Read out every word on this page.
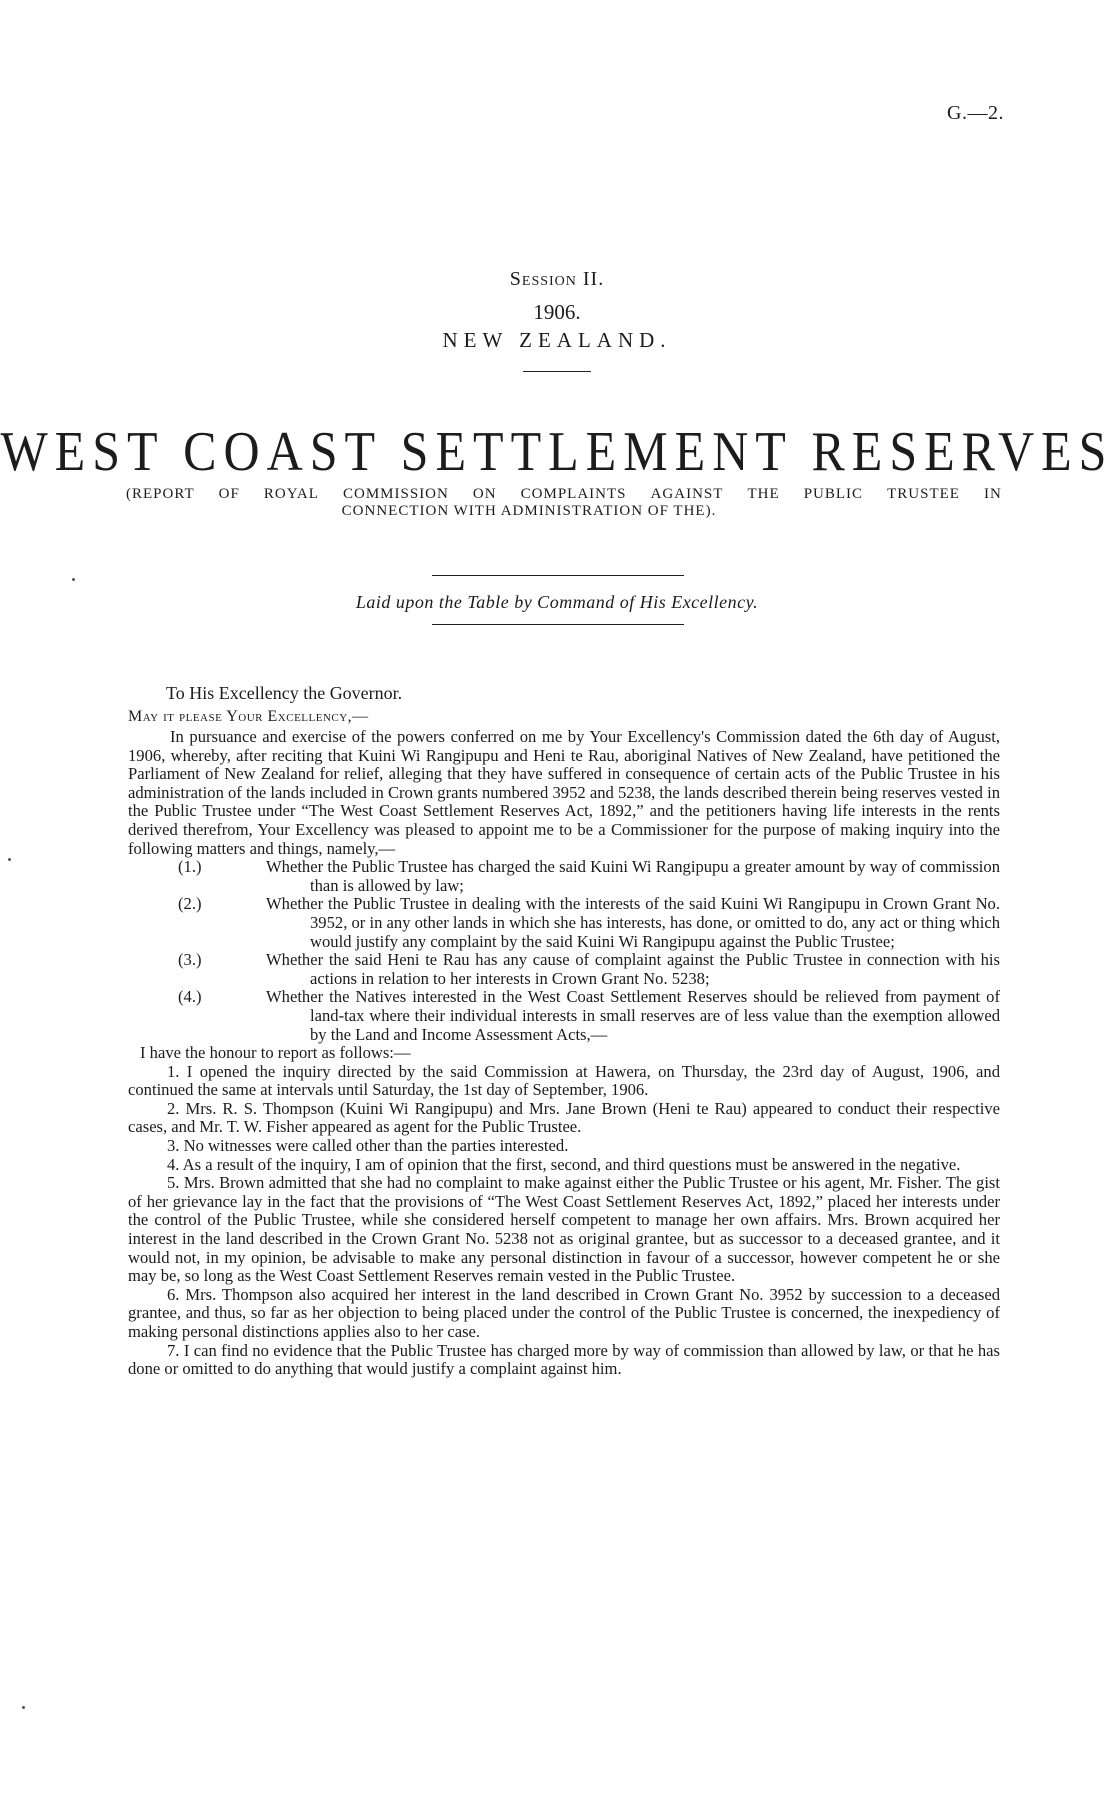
G.—2.
Session II.
1906.
NEW ZEALAND.
WEST COAST SETTLEMENT RESERVES
(REPORT OF ROYAL COMMISSION ON COMPLAINTS AGAINST THE PUBLIC TRUSTEE IN
CONNECTION WITH ADMINISTRATION OF THE).
Laid upon the Table by Command of His Excellency.
To His Excellency the Governor.
May it please Your Excellency,—

In pursuance and exercise of the powers conferred on me by Your Excellency's Commission dated the 6th day of August, 1906, whereby, after reciting that Kuini Wi Rangipupu and Heni te Rau, aboriginal Natives of New Zealand, have petitioned the Parliament of New Zealand for relief, alleging that they have suffered in consequence of certain acts of the Public Trustee in his administration of the lands included in Crown grants numbered 3952 and 5238, the lands described therein being reserves vested in the Public Trustee under “The West Coast Settlement Reserves Act, 1892,” and the petitioners having life interests in the rents derived therefrom, Your Excellency was pleased to appoint me to be a Commissioner for the purpose of making inquiry into the following matters and things, namely,—

(1.)	Whether the Public Trustee has charged the said Kuini Wi Rangipupu a greater amount by way of commission than is allowed by law;
(2.)	Whether the Public Trustee in dealing with the interests of the said Kuini Wi Rangipupu in Crown Grant No. 3952, or in any other lands in which she has interests, has done, or omitted to do, any act or thing which would justify any complaint by the said Kuini Wi Rangipupu against the Public Trustee;
(3.)	Whether the said Heni te Rau has any cause of complaint against the Public Trustee in connection with his actions in relation to her interests in Crown Grant No. 5238;
(4.)	Whether the Natives interested in the West Coast Settlement Reserves should be relieved from payment of land-tax where their individual interests in small reserves are of less value than the exemption allowed by the Land and Income Assessment Acts,—

I have the honour to report as follows:—

1. I opened the inquiry directed by the said Commission at Hawera, on Thursday, the 23rd day of August, 1906, and continued the same at intervals until Saturday, the 1st day of September, 1906.

2. Mrs. R. S. Thompson (Kuini Wi Rangipupu) and Mrs. Jane Brown (Heni te Rau) appeared to conduct their respective cases, and Mr. T. W. Fisher appeared as agent for the Public Trustee.

3. No witnesses were called other than the parties interested.

4. As a result of the inquiry, I am of opinion that the first, second, and third questions must be answered in the negative.

5. Mrs. Brown admitted that she had no complaint to make against either the Public Trustee or his agent, Mr. Fisher. The gist of her grievance lay in the fact that the provisions of “The West Coast Settlement Reserves Act, 1892,” placed her interests under the control of the Public Trustee, while she considered herself competent to manage her own affairs. Mrs. Brown acquired her interest in the land described in the Crown Grant No. 5238 not as original grantee, but as successor to a deceased grantee, and it would not, in my opinion, be advisable to make any personal distinction in favour of a successor, however competent he or she may be, so long as the West Coast Settlement Reserves remain vested in the Public Trustee.

6. Mrs. Thompson also acquired her interest in the land described in Crown Grant No. 3952 by succession to a deceased grantee, and thus, so far as her objection to being placed under the control of the Public Trustee is concerned, the inexpediency of making personal distinctions applies also to her case.

7. I can find no evidence that the Public Trustee has charged more by way of commission than allowed by law, or that he has done or omitted to do anything that would justify a complaint against him.
